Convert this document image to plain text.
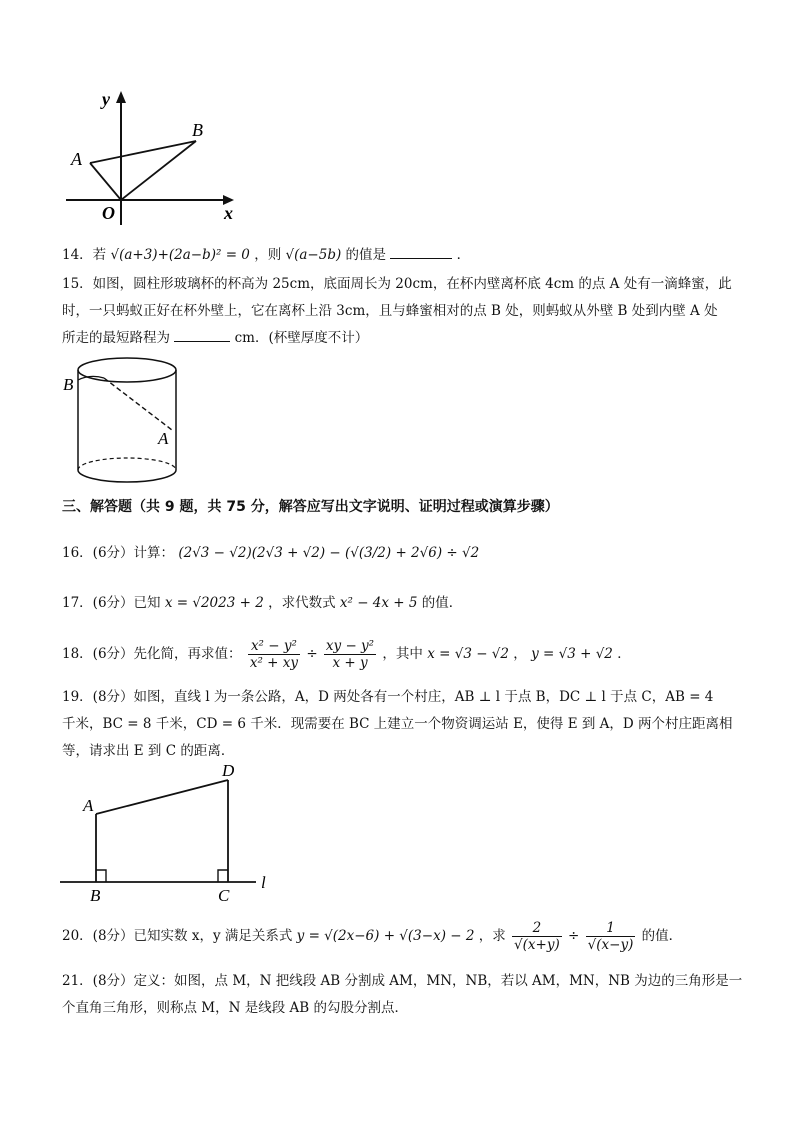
y
x
A
B
O
14．若 √(a+3)+(2a−b)² = 0 ，则 √(a−5b) 的值是	．
15．如图，圆柱形玻璃杯的杯高为 25cm，底面周长为 20cm，在杯内壁离杯底 4cm 的点 A 处有一滴蜂蜜，此
时，一只蚂蚁正好在杯外壁上，它在离杯上沿 3cm，且与蜂蜜相对的点 B 处，则蚂蚁从外壁 B 处到内壁 A 处
所走的最短路程为	cm．(杯壁厚度不计）
B
A
三、解答题（共 9 题，共 75 分，解答应写出文字说明、证明过程或演算步骤）
16．(6分）计算： (2√3 − √2)(2√3 + √2) − (√(3/2) + 2√6) ÷ √2
17．(6分）已知 x = √2023 + 2 ，求代数式 x² − 4x + 5 的值．
18．(6分）先化简，再求值： $\frac{\text{x² − y²}}{\text{x² + xy}} \div \frac{\text{xy − y²}}{x + y}$ ，其中 x = √3 − √2 ， y = √3 + √2 ．
19．(8分）如图，直线 l 为一条公路，A，D 两处各有一个村庄，AB ⊥ l 于点 B，DC ⊥ l 于点 C，AB = 4
千米，BC = 8 千米，CD = 6 千米．现需要在 BC 上建立一个物资调运站 E，使得 E 到 A，D 两个村庄距离相
等，请求出 E 到 C 的距离．
A
D
B	C
l
20．(8分）已知实数 x，y 满足关系式 y = √(2x−6) + √(3−x) − 2 ，求 $\frac{2}{√(x+y)} \div \frac{1}{√(x-y)}$ 的值．
21．(8分）定义：如图，点 M，N 把线段 AB 分割成 AM，MN，NB，若以 AM，MN，NB 为边的三角形是一
个直角三角形，则称点 M，N 是线段 AB 的勾股分割点．
